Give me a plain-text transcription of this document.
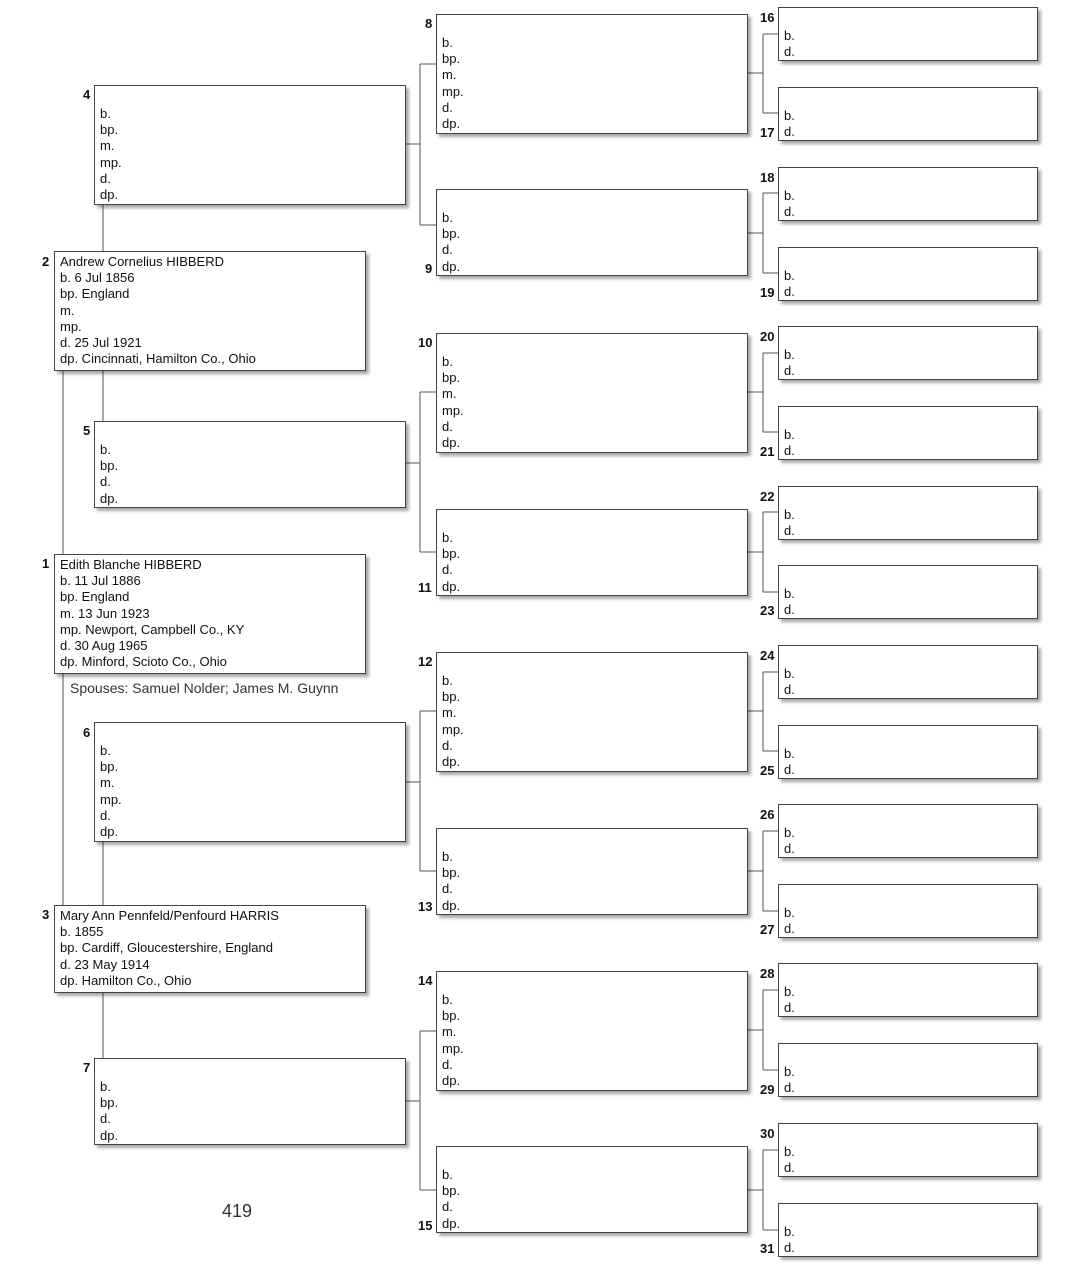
1 Edith Blanche HIBBERD
b. 11 Jul 1886
bp. England
m. 13 Jun 1923
mp. Newport, Campbell Co., KY
d. 30 Aug 1965
dp. Minford, Scioto Co., Ohio
Spouses: Samuel Nolder; James M. Guynn
2 Andrew Cornelius HIBBERD
b. 6 Jul 1856
bp. England
m.
mp.
d. 25 Jul 1921
dp. Cincinnati, Hamilton Co., Ohio
3 Mary Ann Pennfeld/Penfourd HARRIS
b. 1855
bp. Cardiff, Gloucestershire, England
d. 23 May 1914
dp. Hamilton Co., Ohio
4
b.
bp.
m.
mp.
d.
dp.
5
b.
bp.
d.
dp.
6
b.
bp.
m.
mp.
d.
dp.
7
b.
bp.
d.
dp.
8
b.
bp.
m.
mp.
d.
dp.
10
b.
bp.
m.
mp.
d.
dp.
12
b.
bp.
m.
mp.
d.
dp.
14
b.
bp.
m.
mp.
d.
dp.
9
b.
bp.
d.
dp.
11
b.
bp.
d.
dp.
13
b.
bp.
d.
dp.
15
b.
bp.
d.
dp.
16
b.
d.
18
b.
d.
20
b.
d.
22
b.
d.
24
b.
d.
26
b.
d.
28
b.
d.
30
b.
d.
17
b.
d.
19
b.
d.
21
b.
d.
23
b.
d.
25
b.
d.
27
b.
d.
29
b.
d.
31
b.
d.
419
